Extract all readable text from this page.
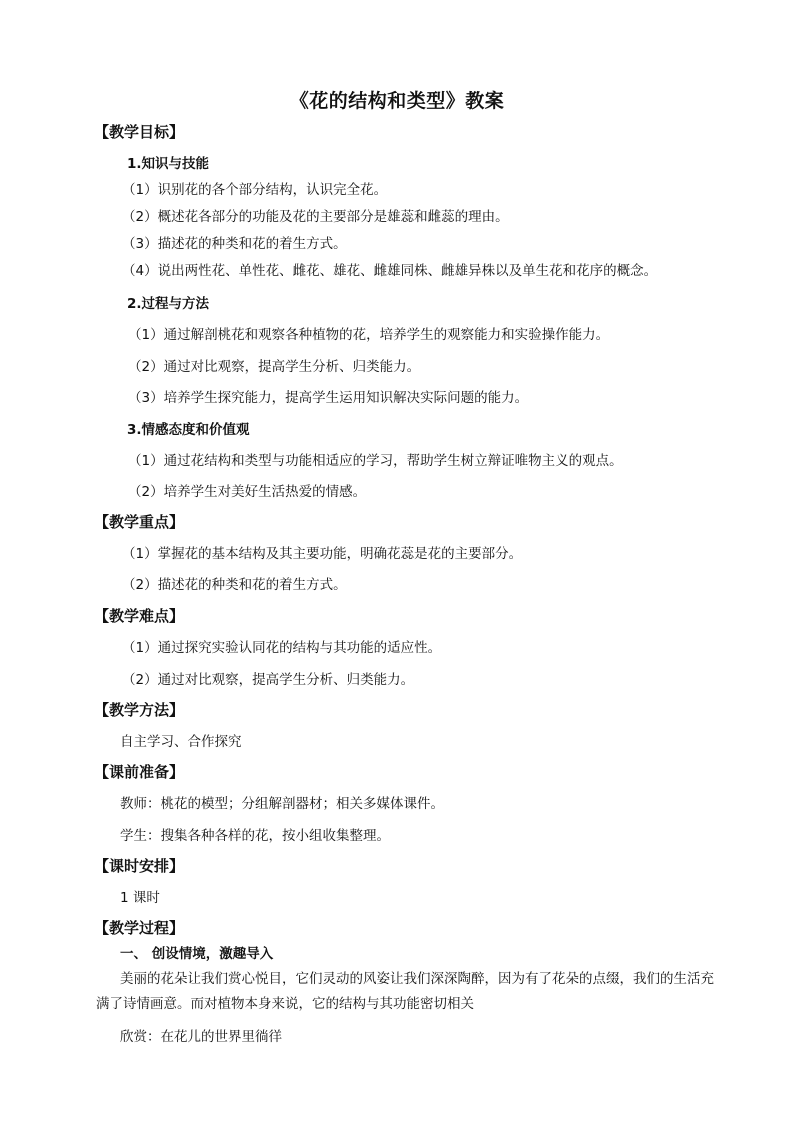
《花的结构和类型》教案
【教学目标】
1.知识与技能
（1）识别花的各个部分结构，认识完全花。
（2）概述花各部分的功能及花的主要部分是雄蕊和雌蕊的理由。
（3）描述花的种类和花的着生方式。
（4）说出两性花、单性花、雌花、雄花、雌雄同株、雌雄异株以及单生花和花序的概念。
2.过程与方法
（1）通过解剖桃花和观察各种植物的花，培养学生的观察能力和实验操作能力。
（2）通过对比观察，提高学生分析、归类能力。
（3）培养学生探究能力，提高学生运用知识解决实际问题的能力。
3.情感态度和价值观
（1）通过花结构和类型与功能相适应的学习，帮助学生树立辩证唯物主义的观点。
（2）培养学生对美好生活热爱的情感。
【教学重点】
（1）掌握花的基本结构及其主要功能，明确花蕊是花的主要部分。
（2）描述花的种类和花的着生方式。
【教学难点】
（1）通过探究实验认同花的结构与其功能的适应性。
（2）通过对比观察，提高学生分析、归类能力。
【教学方法】
自主学习、合作探究
【课前准备】
教师：桃花的模型；分组解剖器材；相关多媒体课件。
学生：搜集各种各样的花，按小组收集整理。
【课时安排】
1 课时
【教学过程】
一、 创设情境，激趣导入
美丽的花朵让我们赏心悦目，它们灵动的风姿让我们深深陶醉，因为有了花朵的点缀，我们的生活充满了诗情画意。而对植物本身来说，它的结构与其功能密切相关
欣赏：在花儿的世界里徜徉
